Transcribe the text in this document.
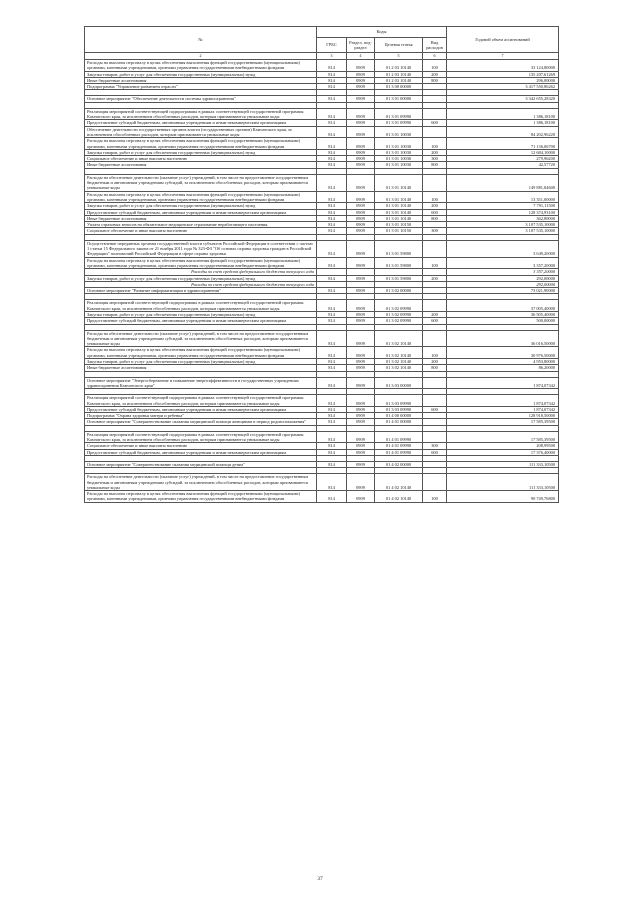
№	Коды				Годовой объем ассигнований
	ГРБС	Раздел, под-раздел	Целевая статья	Вид расходов	
2	3	4	5	6	7
Расходы на выплаты персоналу в целях обеспечения выполнения функций государственными (муниципальными) органами, казенными учреждениями, органами управления государственными внебюджетными фондами	814	0909	01 2 03 10140	100	33 124,80000
Закупка товаров, работ и услуг для обеспечения государственных (муниципальных) нужд	814	0909	01 2 03 10140	200	135 207,61269
Иные бюджетные ассигнования	814	0909	01 2 03 10140	800	296,00000
Подпрограмма "Управление развитием отрасли"	814	0909	01 3 00 00000		3 417 550,86262

Основное мероприятие "Обеспечение деятельности системы здравоохранения"	814	0909	01 3 01 00000		3 342 655,28320

Реализация мероприятий соответствующей подпрограммы в рамках соответствующей государственной программы Камчатского края, за исключением обособленных расходов, которым присваиваются уникальные коды	814	0909	01 3 01 09990		1 386,18100
Предоставление субсидий бюджетным, автономным учреждениям и иным некоммерческим организациям	814	0909	01 3 01 09990	600	1 386,18100
Обеспечение деятельности государственных органов власти (государственных органов) Камчатского края, за исключением обособленных расходов, которым присваиваются уникальные коды	814	0909	01 3 01 10030		84 202,96220
Расходы на выплаты персоналу в целях обеспечения выполнения функций государственными (муниципальными) органами, казенными учреждениями, органами управления государственными внебюджетными фондами	814	0909	01 3 01 10030	100	71 136,06700
Закупка товаров, работ и услуг для обеспечения государственных (муниципальных) нужд	814	0909	01 3 01 10030	200	12 684,10000
Социальное обеспечение и иные выплаты населению	814	0909	01 3 01 10030	300	279,96200
Иные бюджетные ассигнования	814	0909	01 3 01 10030	800	42,57720

Расходы на обеспечение деятельности (оказание услуг) учреждений, в том числе на предоставление государственным бюджетным и автономным учреждениям субсидий, за исключением обособленных расходов, которым присваиваются уникальные коды	814	0909	01 3 01 10140		149 881,84600
Расходы на выплаты персоналу в целях обеспечения выполнения функций государственными (муниципальными) органами, казенными учреждениями, органами управления государственными внебюджетными фондами	814	0909	01 3 01 10140	100	13 351,00000
Закупка товаров, работ и услуг для обеспечения государственных (муниципальных) нужд	814	0909	01 3 01 10140	200	7 791,11500
Предоставление субсидий бюджетным, автономным учреждениям и иным некоммерческим организациям	814	0909	01 3 01 10140	600	128 374,93100
Иные бюджетные ассигнования	814	0909	01 3 01 10140	800	362,80000
Уплата страховых взносов на обязательное медицинское страхование неработающего населения	814	0909	01 3 01 10150		3 107 535,10000
Социальное обеспечение и иные выплаты населению	814	0909	01 3 01 10150	300	3 107 535,10000

Осуществление переданных органам государственной власти субъектов Российской Федерации в соответствии с частью 1 статьи 15 Федерального закона от 21 ноября 2011 года № 323-ФЗ "Об основах охраны здоровья граждан в Российской Федерации" полномочий Российской Федерации в сфере охраны здоровья	814	0909	01 3 01 59800		3 649,20000
Расходы на выплаты персоналу в целях обеспечения выполнения функций государственными (муниципальными) органами, казенными учреждениями, органами управления государственными внебюджетными фондами	814	0909	01 3 01 59800	100	3 357,20000
Расходы за счет средств федерального бюджета текущего года					3 357,20000
Закупка товаров, работ и услуг для обеспечения государственных (муниципальных) нужд	814	0909	01 3 01 59800	200	292,00000
Расходы за счет средств федерального бюджета текущего года					292,00000
Основное мероприятие "Развитие информатизации в здравоохранении"	814	0909	01 3 02 00000		73 021,90000

Реализация мероприятий соответствующей подпрограммы в рамках соответствующей государственной программы Камчатского края, за исключением обособленных расходов, которым присваиваются уникальные коды	814	0909	01 3 02 09990		37 005,40000
Закупка товаров, работ и услуг для обеспечения государственных (муниципальных) нужд	814	0909	01 3 02 09990	200	36 505,40000
Предоставление субсидий бюджетным, автономным учреждениям и иным некоммерческим организациям	814	0909	01 3 02 09990	600	500,00000

Расходы на обеспечение деятельности (оказание услуг) учреждений, в том числе на предоставление государственным бюджетным и автономным учреждениям субсидий, за исключением обособленных расходов, которым присваиваются уникальные коды	814	0909	01 3 02 10140		36 016,50000
Расходы на выплаты персоналу в целях обеспечения выполнения функций государственными (муниципальными) органами, казенными учреждениями, органами управления государственными внебюджетными фондами	814	0909	01 3 02 10140	100	30 976,50000
Закупка товаров, работ и услуг для обеспечения государственных (муниципальных) нужд	814	0909	01 3 02 10140	200	4 953,80000
Иные бюджетные ассигнования	814	0909	01 3 02 10140	800	86,20000

Основное мероприятие "Энергосбережение и повышение энергоэффективности в государственных учреждениях здравоохранения Камчатского края"	814	0909	01 3 03 00000		1 874,07342

Реализация мероприятий соответствующей подпрограммы в рамках соответствующей государственной программы Камчатского края, за исключением обособленных расходов, которым присваиваются уникальные коды	814	0909	01 3 03 09990		1 874,07342
Предоставление субсидий бюджетным, автономным учреждениям и иным некоммерческим организациям	814	0909	01 3 03 09990	600	1 874,07342
Подпрограмма "Охрана здоровья матери и ребенка"	814	0909	01 4 00 00000		128 918,50000
Основное мероприятие "Совершенствование оказания медицинской помощи женщинам в период родовспоможения"	814	0909	01 4 01 00000		17 585,39500

Реализация мероприятий соответствующей подпрограммы в рамках соответствующей государственной программы Камчатского края, за исключением обособленных расходов, которым присваиваются уникальные коды	814	0909	01 4 01 09990		17 585,39500
Социальное обеспечение и иные выплаты населению	814	0909	01 4 01 09990	300	208,99500
Предоставление субсидий бюджетным, автономным учреждениям и иным некоммерческим организациям	814	0909	01 4 01 09990	600	17 376,40000

Основное мероприятие "Совершенствование оказания медицинской помощи детям"	814	0909	01 4 02 00000		111 333,10500

Расходы на обеспечение деятельности (оказание услуг) учреждений, в том числе на предоставление государственным бюджетным и автономным учреждениям субсидий, за исключением обособленных расходов, которым присваиваются уникальные коды	814	0909	01 4 02 10140		111 333,10500
Расходы на выплаты персоналу в целях обеспечения выполнения функций государственными (муниципальными) органами, казенными учреждениями, органами управления государственными внебюджетными фондами	814	0909	01 4 02 10140	100	90 749,76800
37
